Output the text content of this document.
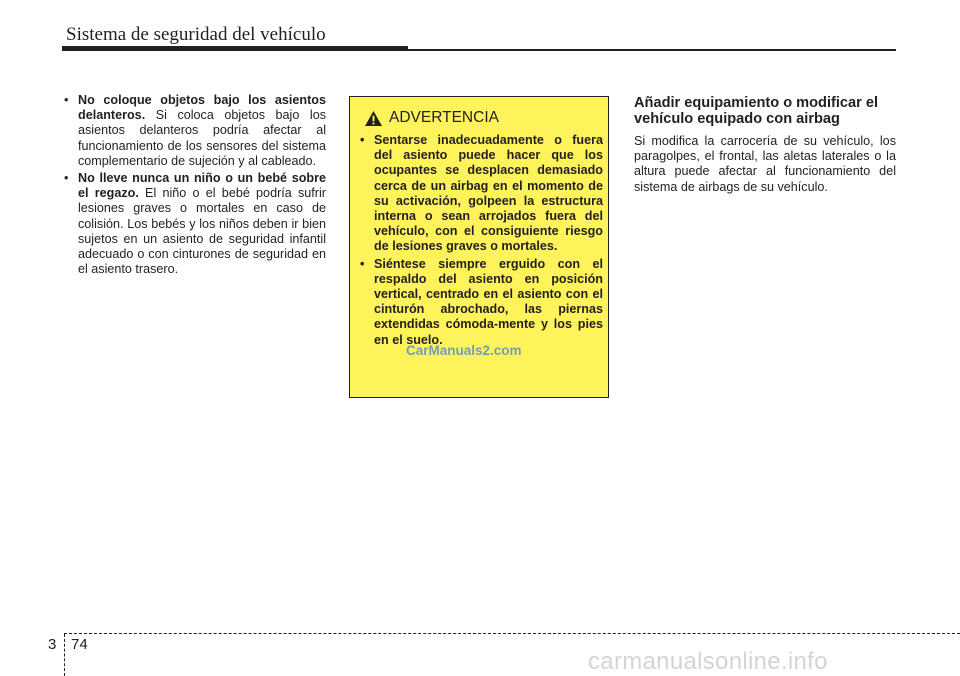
Sistema de seguridad del vehículo
• No coloque objetos bajo los asientos delanteros. Si coloca objetos bajo los asientos delanteros podría afectar al funcionamiento de los sensores del sistema complementario de sujeción y al cableado.
• No lleve nunca un niño o un bebé sobre el regazo. El niño o el bebé podría sufrir lesiones graves o mortales en caso de colisión. Los bebés y los niños deben ir bien sujetos en un asiento de seguridad infantil adecuado o con cinturones de seguridad en el asiento trasero.
ADVERTENCIA
• Sentarse inadecuadamente o fuera del asiento puede hacer que los ocupantes se desplacen demasiado cerca de un airbag en el momento de su activación, golpeen la estructura interna o sean arrojados fuera del vehículo, con el consiguiente riesgo de lesiones graves o mortales.
• Siéntese siempre erguido con el respaldo del asiento en posición vertical, centrado en el asiento con el cinturón abrochado, las piernas extendidas cómoda-mente y los pies en el suelo.
Añadir equipamiento o modificar el vehículo equipado con airbag

Si modifica la carrocería de su vehículo, los paragolpes, el frontal, las aletas laterales o la altura puede afectar al funcionamiento del sistema de airbags de su vehículo.

CarManuals2.com
3 74
carmanualsonline.info
